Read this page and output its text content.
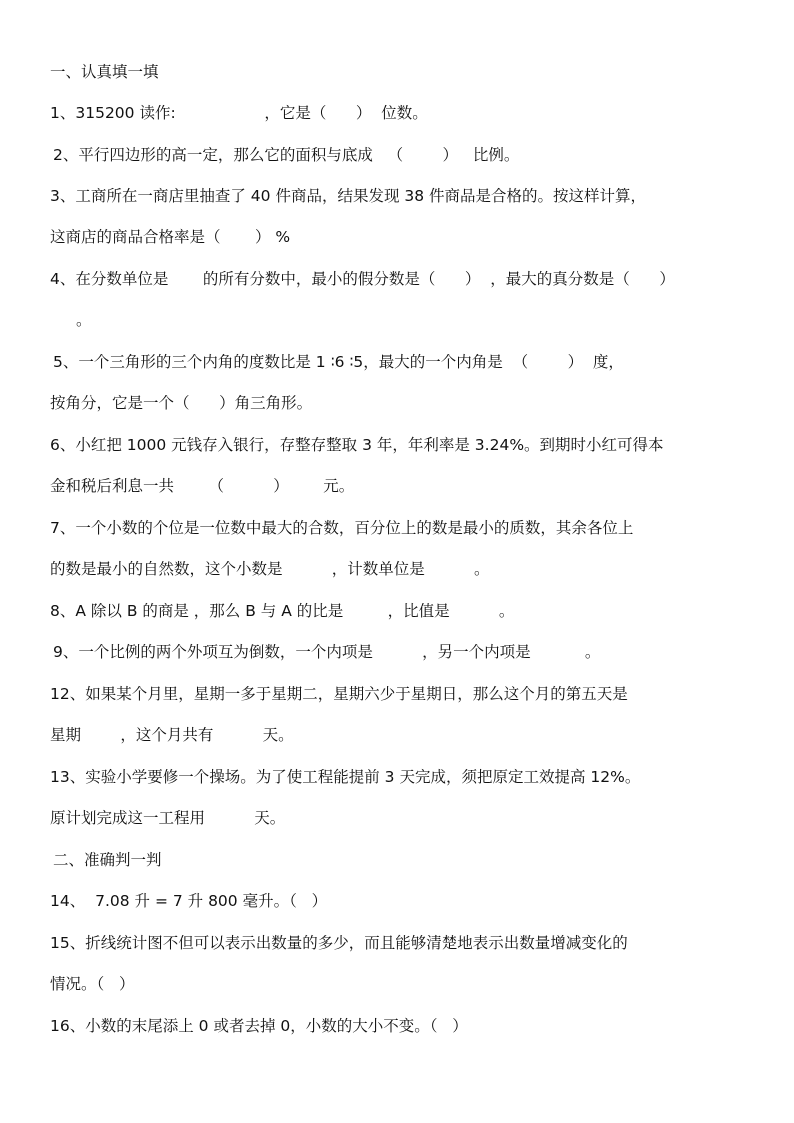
一、认真填一填
1、315200 读作:                  ，它是（      ）  位数。
2、平行四边形的高一定，那么它的面积与底成   （        ）   比例。
3、工商所在一商店里抽查了 40 件商品，结果发现 38 件商品是合格的。按这样计算，
这商店的商品合格率是（       ） %
4、在分数单位是       的所有分数中，最小的假分数是（      ）  ，最大的真分数是（      ）
。
5、一个三角形的三个内角的度数比是 1 ∶6 ∶5，最大的一个内角是  （        ）  度，
按角分，它是一个（      ）角三角形。
6、小红把 1000 元钱存入银行，存整存整取 3 年，年利率是 3.24%。到期时小红可得本
金和税后利息一共       （          ）       元。
7、一个小数的个位是一位数中最大的合数，百分位上的数是最小的质数，其余各位上
的数是最小的自然数，这个小数是          ，计数单位是          。
8、A 除以 B 的商是 ，那么 B 与 A 的比是         ，比值是          。
9、一个比例的两个外项互为倒数，一个内项是          ，另一个内项是           。
12、如果某个月里，星期一多于星期二，星期六少于星期日，那么这个月的第五天是
星期        ，这个月共有          天。
13、实验小学要修一个操场。为了使工程能提前 3 天完成，须把原定工效提高 12%。
原计划完成这一工程用          天。
二、准确判一判
14、  7.08 升 = 7 升 800 毫升。（   ）
15、折线统计图不但可以表示出数量的多少，而且能够清楚地表示出数量增减变化的
情况。（   ）
16、小数的末尾添上 0 或者去掉 0，小数的大小不变。（   ）
